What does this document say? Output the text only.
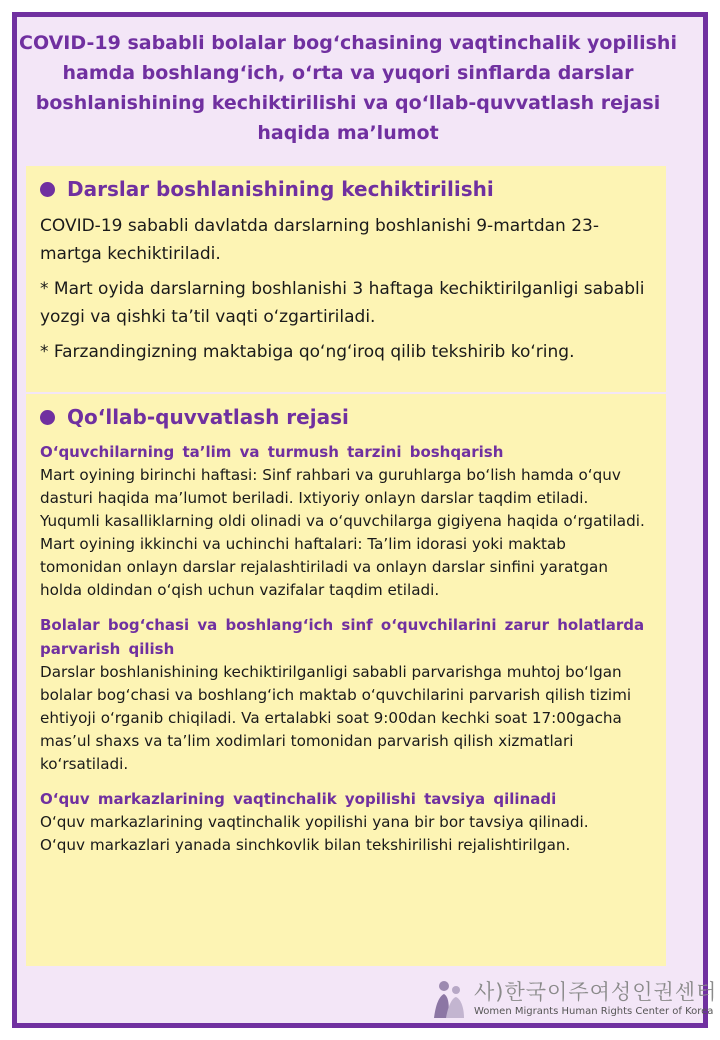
COVID-19 sababli bolalar bog‘chasining vaqtinchalik yopilishi hamda boshlang‘ich, o‘rta va yuqori sinflarda darslar boshlanishining kechiktirilishi va qo‘llab-quvvatlash rejasi haqida ma’lumot
Darslar boshlanishining kechiktirilishi

COVID-19 sababli davlatda darslarning boshlanishi 9-martdan 23-martga kechiktiriladi.

* Mart oyida darslarning boshlanishi 3 haftaga kechiktirilganligi sababli yozgi va qishki ta’til vaqti o‘zgartiriladi.

* Farzandingizning maktabiga qo‘ng‘iroq qilib tekshirib ko‘ring.

Qo‘llab-quvvatlash rejasi
O‘quvchilarning ta’lim va turmush tarzini boshqarish

Mart oyining birinchi haftasi: Sinf rahbari va guruhlarga bo‘lish hamda o‘quv dasturi haqida ma’lumot beriladi. Ixtiyoriy onlayn darslar taqdim etiladi. Yuqumli kasalliklarning oldi olinadi va o‘quvchilarga gigiyena haqida o‘rgatiladi.

Mart oyining ikkinchi va uchinchi haftalari: Ta’lim idorasi yoki maktab tomonidan onlayn darslar rejalashtiriladi va onlayn darslar sinfini yaratgan holda oldindan o‘qish uchun vazifalar taqdim etiladi.

Bolalar bog‘chasi va boshlang‘ich sinf o‘quvchilarini zarur holatlarda parvarish qilish

Darslar boshlanishining kechiktirilganligi sababli parvarishga muhtoj bo‘lgan bolalar bog‘chasi va boshlang‘ich maktab o‘quvchilarini parvarish qilish tizimi ehtiyoji o‘rganib chiqiladi. Va ertalabki soat 9:00dan kechki soat 17:00gacha mas’ul shaxs va ta’lim xodimlari tomonidan parvarish qilish xizmatlari ko‘rsatiladi.

O‘quv markazlarining vaqtinchalik yopilishi tavsiya qilinadi

O‘quv markazlarining vaqtinchalik yopilishi yana bir bor tavsiya qilinadi.

O‘quv markazlari yanada sinchkovlik bilan tekshirilishi rejalishtirilgan.

사)한국이주여성인권센터
Women Migrants Human Rights Center of Korea
